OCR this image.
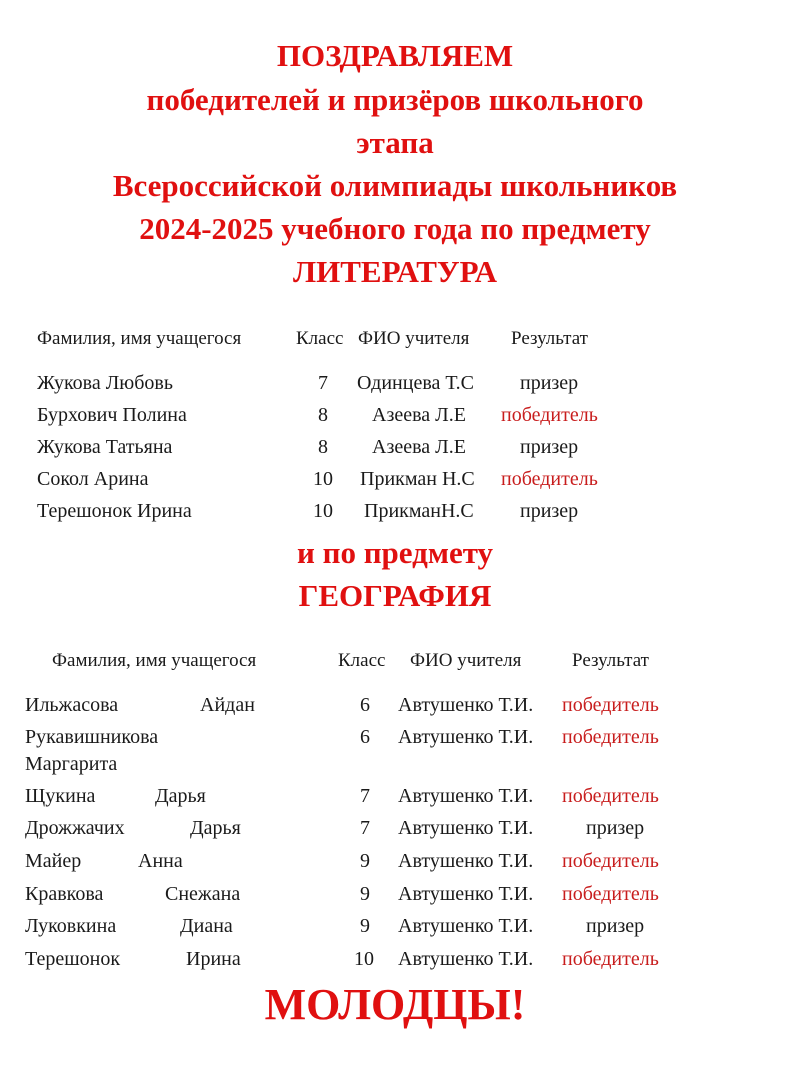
ПОЗДРАВЛЯЕМ
победителей и призёров школьного
этапа
Всероссийской олимпиады школьников
2024-2025 учебного года по предмету
ЛИТЕРАТУРА
Фамилия, имя учащегося	Класс ФИО учителя Результат
Жукова Любовь	7 Одинцева Т.С призер
Бурхович Полина	8 Азеева Л.Е победитель
Жукова Татьяна	8 Азеева Л.Е	призер
Сокол Арина	10 Прикман Н.С победитель
Терешонок Ирина	10 ПрикманН.С призер
и по предмету
ГЕОГРАФИЯ
Фамилия, имя учащегося	Класс ФИО учителя	Результат
Ильжасова	Айдан	6 Автушенко Т.И. победитель
Рукавишникова
Маргарита
6 Автушенко Т.И. победитель
Щукина	Дарья	7 Автушенко Т.И. победитель
Дрожжачих	Дарья	7 Автушенко Т.И.	призер
Майер	Анна	9 Автушенко Т.И. победитель
Кравкова	Снежана	9 Автушенко Т.И. победитель
Луковкина	Диана	9 Автушенко Т.И.	призер
Терешонок	Ирина	10 Автушенко Т.И. победитель
МОЛОДЦЫ!
